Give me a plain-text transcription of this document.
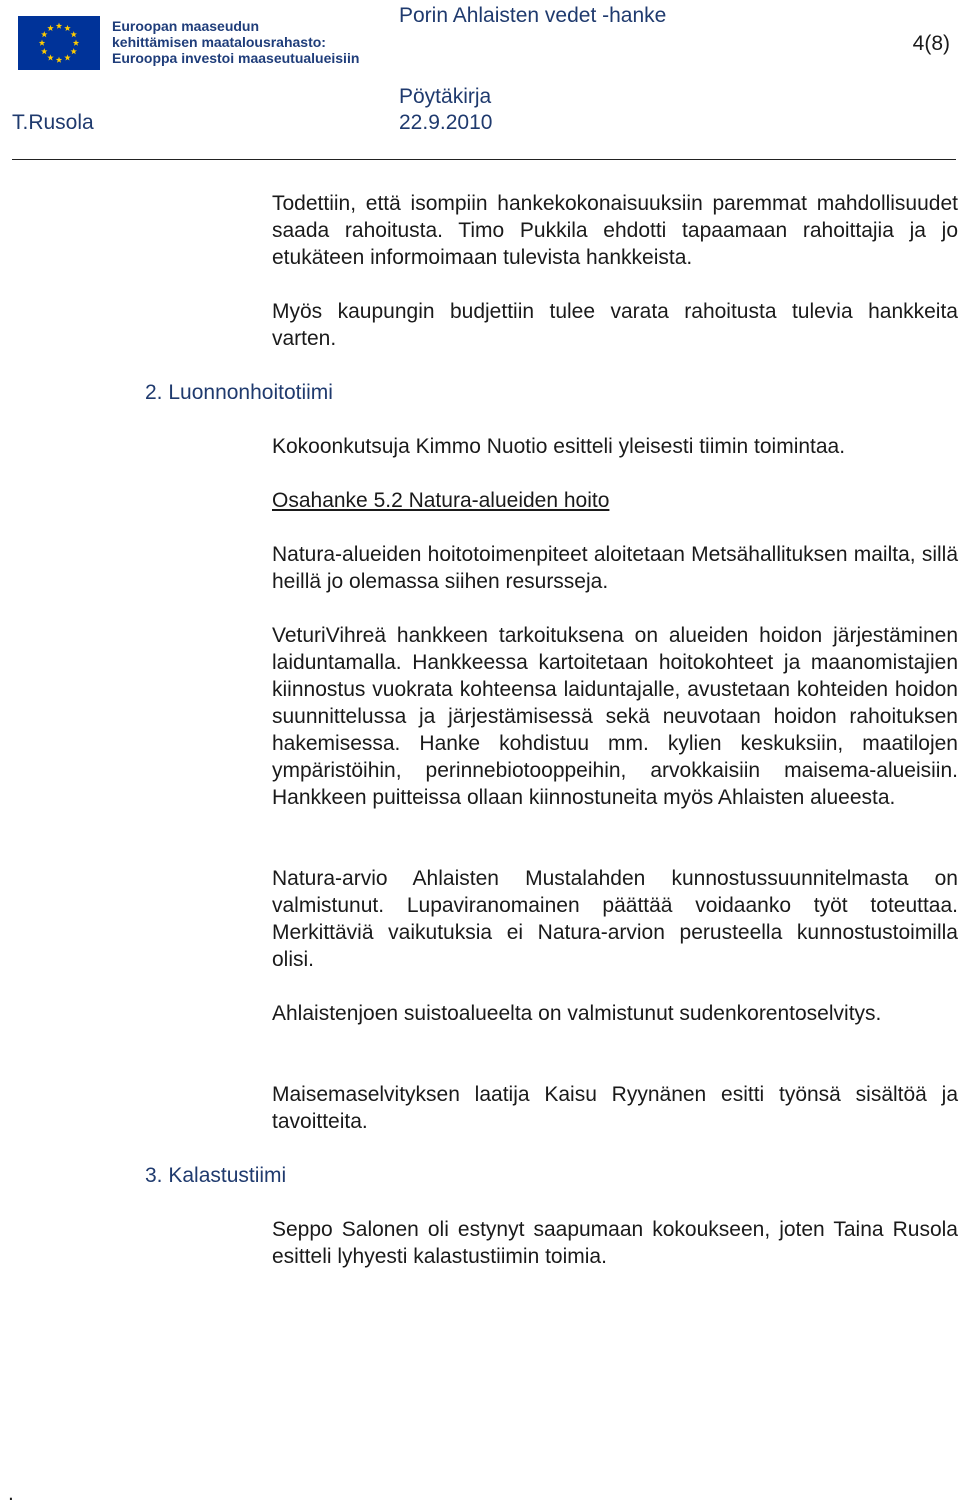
Euroopan maaseudun
kehittämisen maatalousrahasto:
Eurooppa investoi maaseutualueisiin
Porin Ahlaisten vedet -hanke
4(8)
Pöytäkirja
T.Rusola	22.9.2010
Todettiin, että isompiin hankekokonaisuuksiin paremmat mahdollisuudet saada rahoitusta. Timo Pukkila ehdotti tapaamaan rahoittajia ja jo etukäteen informoimaan tulevista hankkeista.
Myös kaupungin budjettiin tulee varata rahoitusta tulevia hankkeita varten.
2. Luonnonhoitotiimi
Kokoonkutsuja Kimmo Nuotio esitteli yleisesti tiimin toimintaa.
Osahanke 5.2 Natura-alueiden hoito
Natura-alueiden hoitotoimenpiteet aloitetaan Metsähallituksen mailta, sillä heillä jo olemassa siihen resursseja.
VeturiVihreä hankkeen tarkoituksena on alueiden hoidon järjestäminen laiduntamalla. Hankkeessa kartoitetaan hoitokohteet ja maanomistajien kiinnostus vuokrata kohteensa laiduntajalle, avustetaan kohteiden hoidon suunnittelussa ja järjestämisessä sekä neuvotaan hoidon rahoituksen hakemisessa. Hanke kohdistuu mm. kylien keskuksiin, maatilojen ympäristöihin, perinnebiotooppeihin, arvokkaisiin maisema-alueisiin. Hankkeen puitteissa ollaan kiinnostuneita myös Ahlaisten alueesta.
Natura-arvio Ahlaisten Mustalahden kunnostussuunnitelmasta on valmistunut. Lupaviranomainen päättää voidaanko työt toteuttaa. Merkittäviä vaikutuksia ei Natura-arvion perusteella kunnostustoimilla olisi.
Ahlaistenjoen suistoalueelta on valmistunut sudenkorentoselvitys.
Maisemaselvityksen laatija Kaisu Ryynänen esitti työnsä sisältöä ja tavoitteita.
3. Kalastustiimi
Seppo Salonen oli estynyt saapumaan kokoukseen, joten Taina Rusola esitteli lyhyesti kalastustiimin toimia.
.
